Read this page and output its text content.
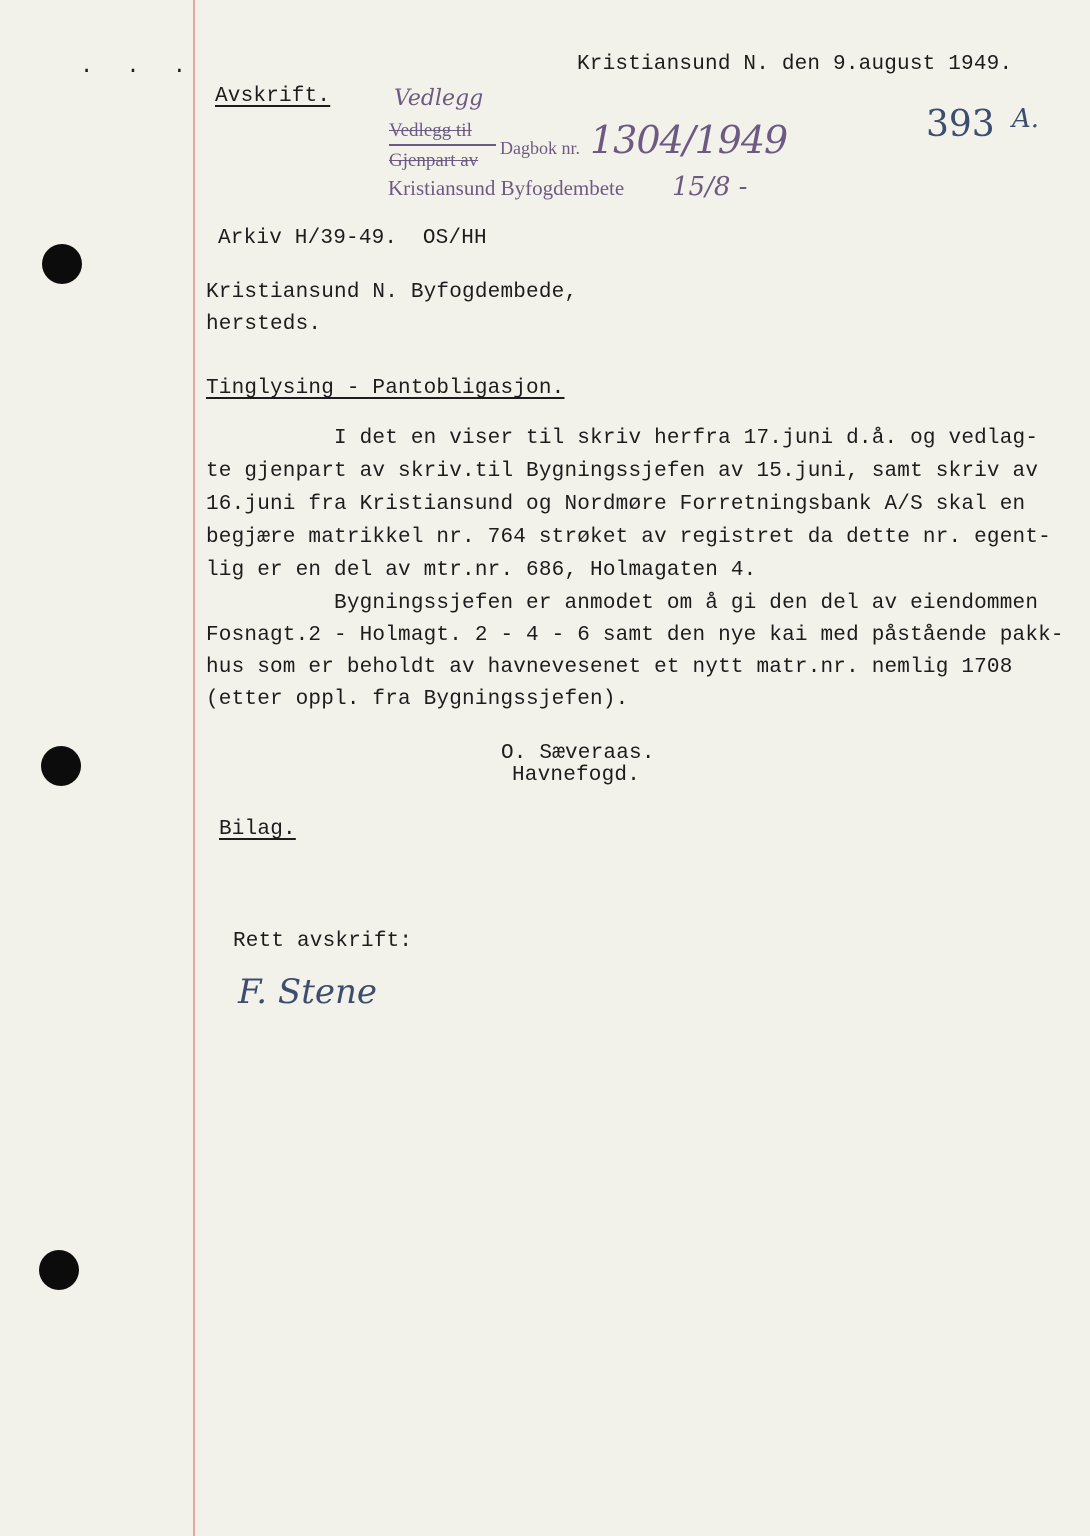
. . .	Kristiansund N. den 9.august 1949.
393 A.
Avskrift.	Vedlegg
Vedlegg til
Gjenpart av
Dagbok nr. 1304/1949
Kristiansund Byfogdembete 15/8 -
Arkiv H/39-49.  OS/HH
Kristiansund N. Byfogdembede,
hersteds.
Tinglysing - Pantobligasjon.
I det en viser til skriv herfra 17.juni d.å. og vedlag-
te gjenpart av skriv.til Bygningssjefen av 15.juni, samt skriv av
16.juni fra Kristiansund og Nordmøre Forretningsbank A/S skal en
begjære matrikkel nr. 764 strøket av registret da dette nr. egent-
lig er en del av mtr.nr. 686, Holmagaten 4.
Bygningssjefen er anmodet om å gi den del av eiendommen
Fosnagt.2 - Holmagt. 2 - 4 - 6 samt den nye kai med påstående pakk-
hus som er beholdt av havnevesenet et nytt matr.nr. nemlig 1708
(etter oppl. fra Bygningssjefen).
O. Sæveraas.
Havnefogd.
Bilag.
Rett avskrift:
F. Stene
